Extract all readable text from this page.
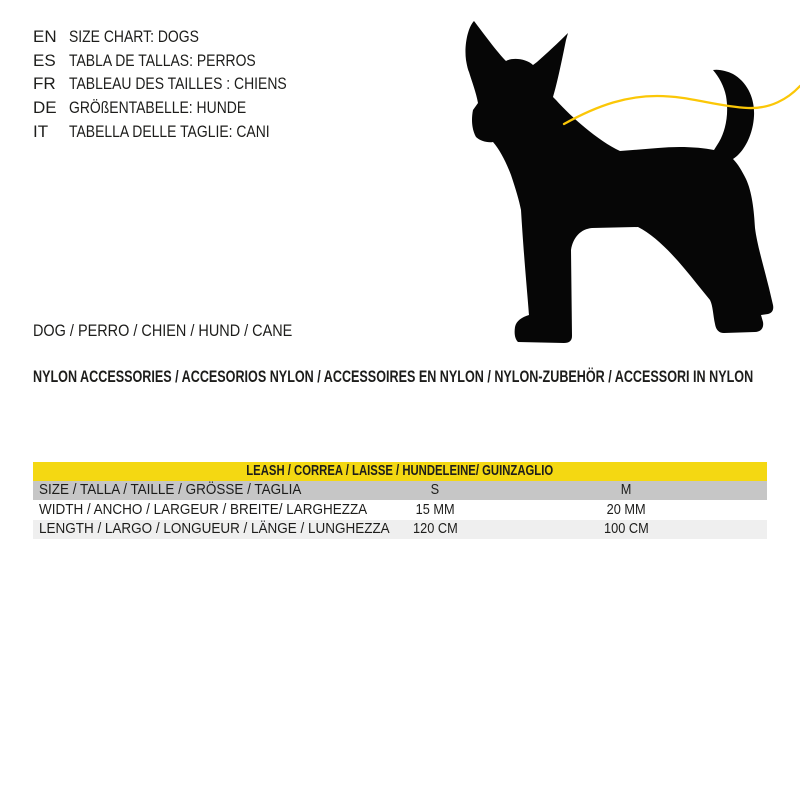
EN SIZE CHART: DOGS
ES TABLA DE TALLAS: PERROS
FR TABLEAU DES TAILLES : CHIENS
DE GRÖßENTABELLE: HUNDE
IT	TABELLA DELLE TAGLIE: CANI
DOG / PERRO / CHIEN / HUND / CANE
NYLON ACCESSORIES / ACCESORIOS NYLON / ACCESSOIRES EN NYLON / NYLON-ZUBEHÖR / ACCESSORI IN NYLON
LEASH / CORREA / LAISSE / HUNDELEINE/ GUINZAGLIO
SIZE / TALLA / TAILLE / GRÖSSE / TAGLIA	S	M
WIDTH / ANCHO / LARGEUR / BREITE/ LARGHEZZA	15 MM	20 MM
LENGTH / LARGO / LONGUEUR / LÄNGE / LUNGHEZZA	120 CM	100 CM
